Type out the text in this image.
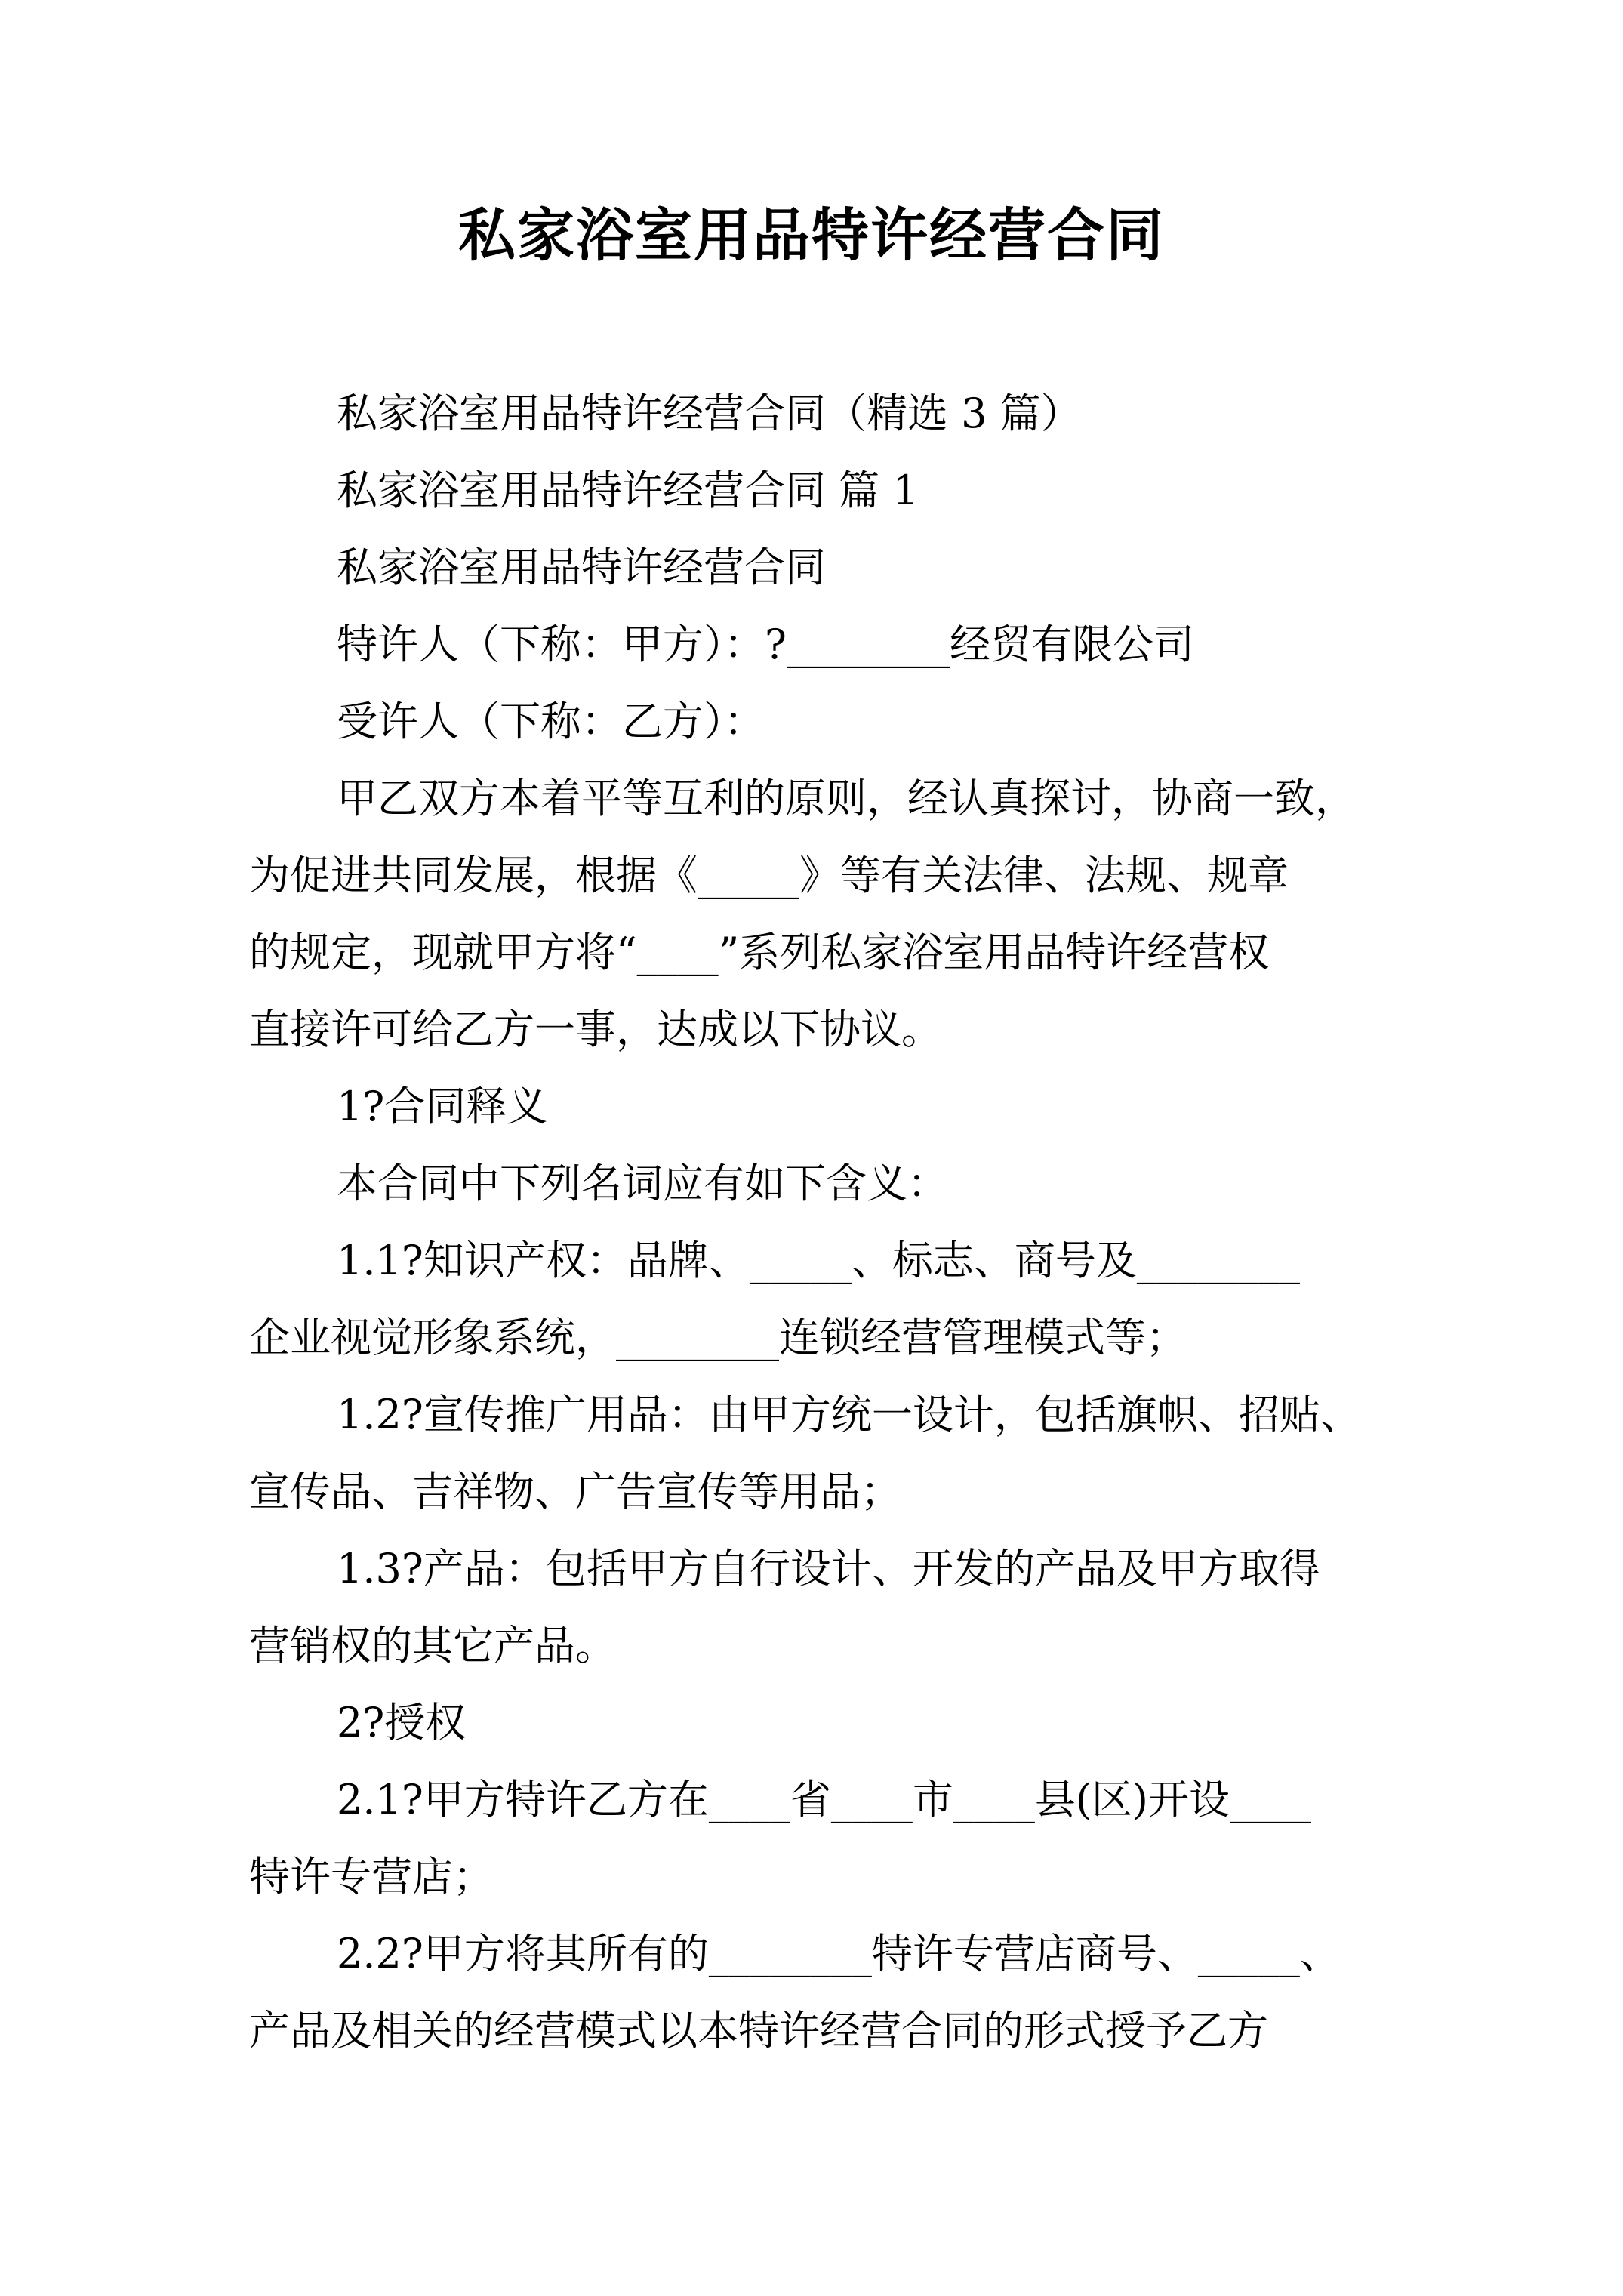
私家浴室用品特许经营合同
私家浴室用品特许经营合同（精选 3 篇）
私家浴室用品特许经营合同 篇 1
私家浴室用品特许经营合同
特许人（下称：甲方）：?________经贸有限公司
受许人（下称：乙方）：
甲乙双方本着平等互利的原则，经认真探讨，协商一致，
为促进共同发展，根据《_____》等有关法律、法规、规章
的规定，现就甲方将“____”系列私家浴室用品特许经营权
直接许可给乙方一事，达成以下协议。
1?合同释义
本合同中下列名词应有如下含义：
1.1?知识产权：品牌、_____、标志、商号及________
企业视觉形象系统，________连锁经营管理模式等；
1.2?宣传推广用品：由甲方统一设计，包括旗帜、招贴、
宣传品、吉祥物、广告宣传等用品；
1.3?产品：包括甲方自行设计、开发的产品及甲方取得
营销权的其它产品。
2?授权
2.1?甲方特许乙方在____省____市____县(区)开设____
特许专营店；
2.2?甲方将其所有的________特许专营店商号、_____、
产品及相关的经营模式以本特许经营合同的形式授予乙方
